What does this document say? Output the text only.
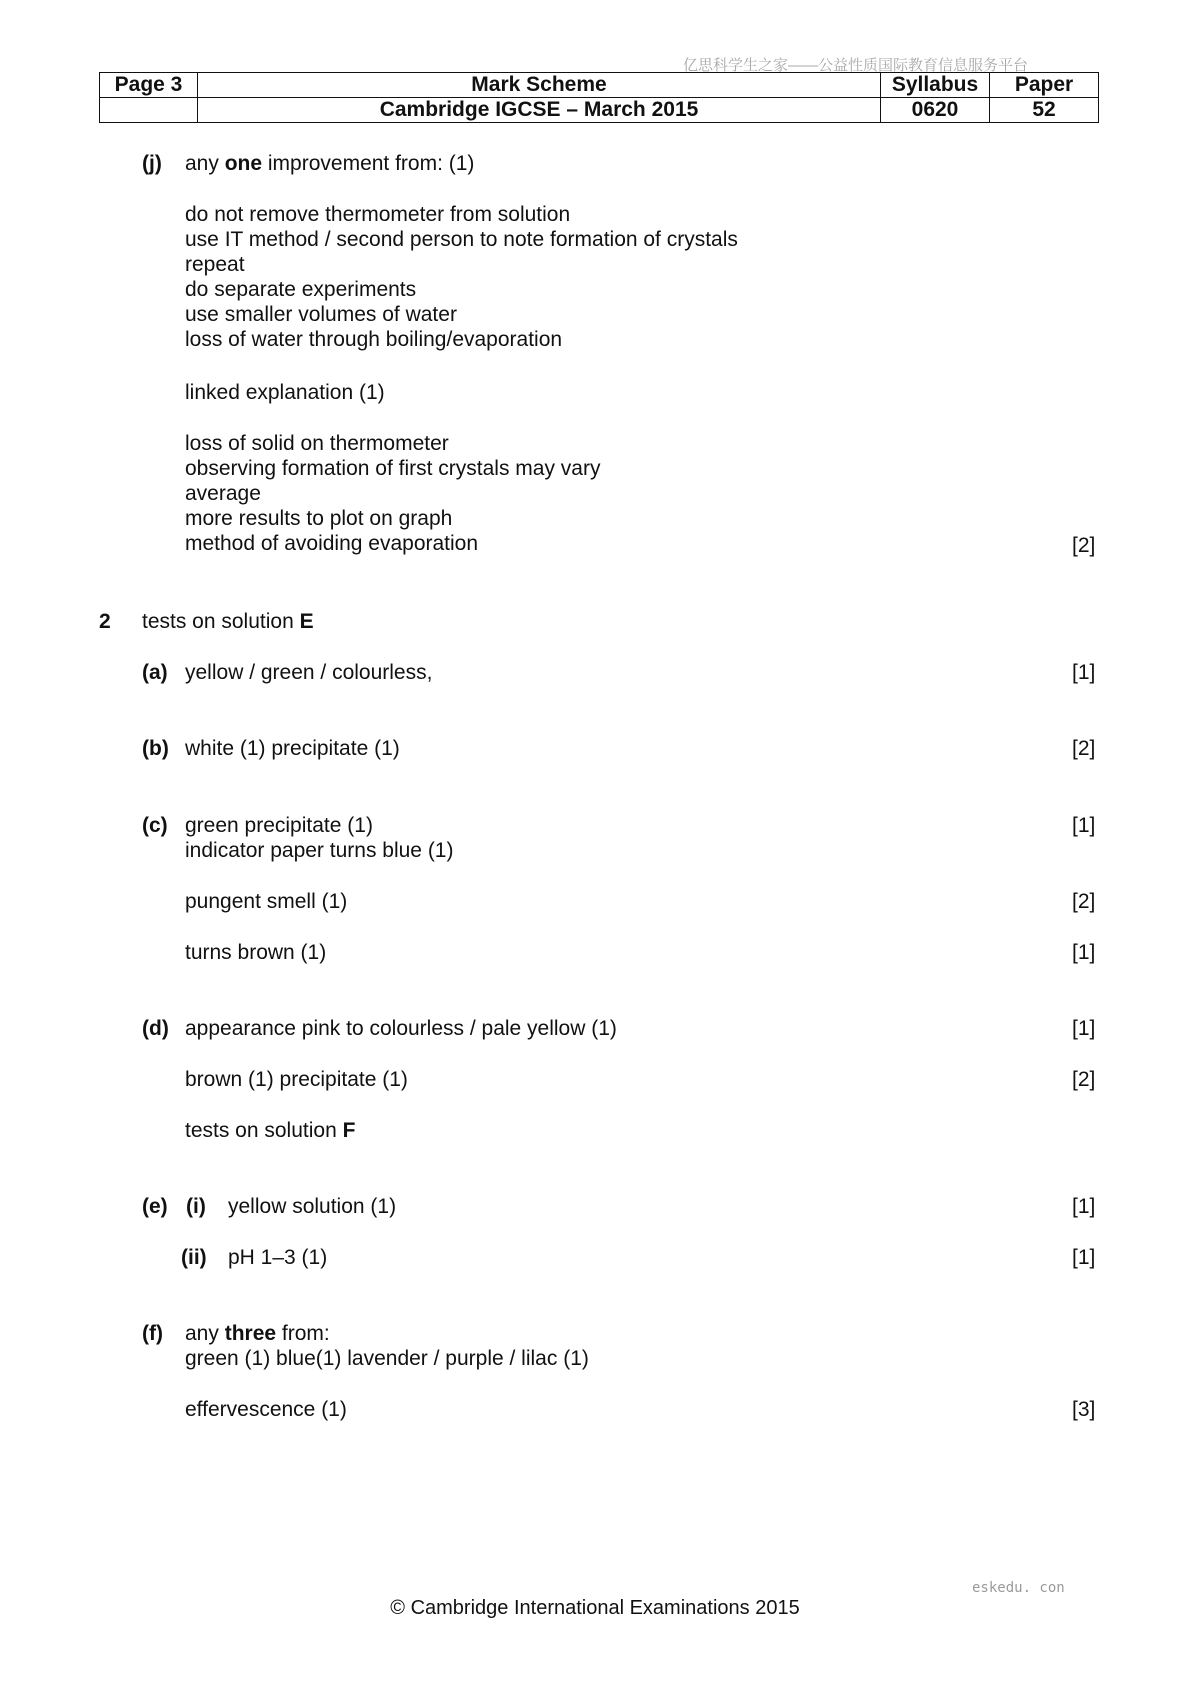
亿思科学生之家——公益性质国际教育信息服务平台
Page 3	Mark Scheme	Syllabus	Paper
	Cambridge IGCSE – March 2015	0620	52
(j) any one improvement from: (1)
do not remove thermometer from solution
use IT method / second person to note formation of crystals
repeat
do separate experiments
use smaller volumes of water
loss of water through boiling/evaporation
linked explanation (1)
loss of solid on thermometer
observing formation of first crystals may vary
average
more results to plot on graph
method of avoiding evaporation	[2]
2 tests on solution E
(a) yellow / green / colourless,	[1]
(b) white (1) precipitate (1)	[2]
(c) green precipitate (1)	[1]
indicator paper turns blue (1)
pungent smell (1)	[2]
turns brown (1)	[1]
(d) appearance pink to colourless / pale yellow (1)	[1]
brown (1) precipitate (1)	[2]
tests on solution F
(e) (i) yellow solution (1)	[1]
(ii) pH 1–3 (1)	[1]
(f) any three from:
green (1) blue(1) lavender / purple / lilac (1)
effervescence (1)	[3]
eskedu. con
© Cambridge International Examinations 2015
